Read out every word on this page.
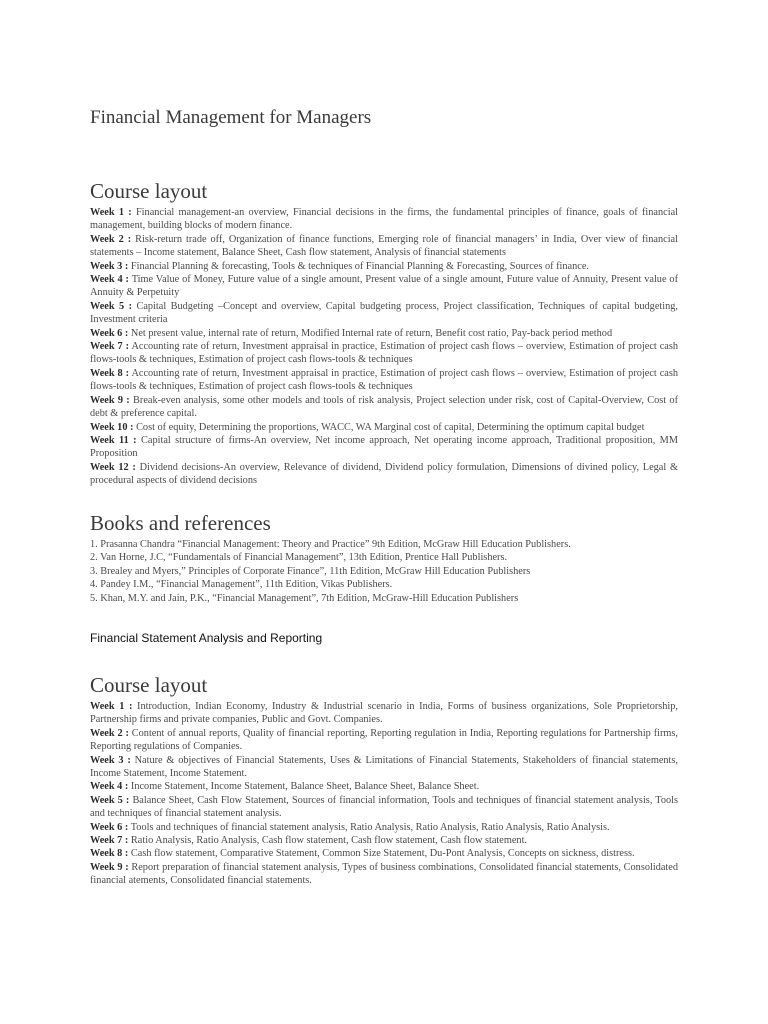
Financial Management for Managers
Course layout

Week 1 : Financial management-an overview, Financial decisions in the firms, the fundamental principles of finance, goals of financial management, building blocks of modern finance.

Week 2 : Risk-return trade off, Organization of finance functions, Emerging role of financial managers’ in India, Over view of financial statements – Income statement, Balance Sheet, Cash flow statement, Analysis of financial statements

Week 3 : Financial Planning & forecasting, Tools & techniques of Financial Planning & Forecasting, Sources of finance.

Week 4 : Time Value of Money, Future value of a single amount, Present value of a single amount, Future value of Annuity, Present value of Annuity & Perpetuity

Week 5 : Capital Budgeting –Concept and overview, Capital budgeting process, Project classification, Techniques of capital budgeting, Investment criteria

Week 6 : Net present value, internal rate of return, Modified Internal rate of return, Benefit cost ratio, Pay-back period method

Week 7 : Accounting rate of return, Investment appraisal in practice, Estimation of project cash flows – overview, Estimation of project cash flows-tools & techniques, Estimation of project cash flows-tools & techniques

Week 8 : Accounting rate of return, Investment appraisal in practice, Estimation of project cash flows – overview, Estimation of project cash flows-tools & techniques, Estimation of project cash flows-tools & techniques

Week 9 : Break-even analysis, some other models and tools of risk analysis, Project selection under risk, cost of Capital-Overview, Cost of debt & preference capital.

Week 10 : Cost of equity, Determining the proportions, WACC, WA Marginal cost of capital, Determining the optimum capital budget

Week 11 : Capital structure of firms-An overview, Net income approach, Net operating income approach, Traditional proposition, MM Proposition

Week 12 : Dividend decisions-An overview, Relevance of dividend, Dividend policy formulation, Dimensions of divined policy, Legal & procedural aspects of dividend decisions

Books and references

1. Prasanna Chandra “Financial Management: Theory and Practice” 9th Edition, McGraw Hill Education Publishers.

2. Van Horne, J.C, “Fundamentals of Financial Management”, 13th Edition, Prentice Hall Publishers.

3. Brealey and Myers,” Principles of Corporate Finance”, 11th Edition, McGraw Hill Education Publishers

4. Pandey I.M., “Financial Management”, 11th Edition, Vikas Publishers.

5. Khan, M.Y. and Jain, P.K., “Financial Management”, 7th Edition, McGraw-Hill Education Publishers

Financial Statement Analysis and Reporting
Course layout

Week 1 : Introduction, Indian Economy, Industry & Industrial scenario in India, Forms of business organizations, Sole Proprietorship, Partnership firms and private companies, Public and Govt. Companies.

Week 2 : Content of annual reports, Quality of financial reporting, Reporting regulation in India, Reporting regulations for Partnership firms, Reporting regulations of Companies.

Week 3 : Nature & objectives of Financial Statements, Uses & Limitations of Financial Statements, Stakeholders of financial statements, Income Statement, Income Statement.

Week 4 : Income Statement, Income Statement, Balance Sheet, Balance Sheet, Balance Sheet.

Week 5 : Balance Sheet, Cash Flow Statement, Sources of financial information, Tools and techniques of financial statement analysis, Tools and techniques of financial statement analysis.

Week 6 : Tools and techniques of financial statement analysis, Ratio Analysis, Ratio Analysis, Ratio Analysis, Ratio Analysis.

Week 7 : Ratio Analysis, Ratio Analysis, Cash flow statement, Cash flow statement, Cash flow statement.

Week 8 : Cash flow statement, Comparative Statement, Common Size Statement, Du-Pont Analysis, Concepts on sickness, distress.

Week 9 : Report preparation of financial statement analysis, Types of business combinations, Consolidated financial statements, Consolidated financial atements, Consolidated financial statements.
